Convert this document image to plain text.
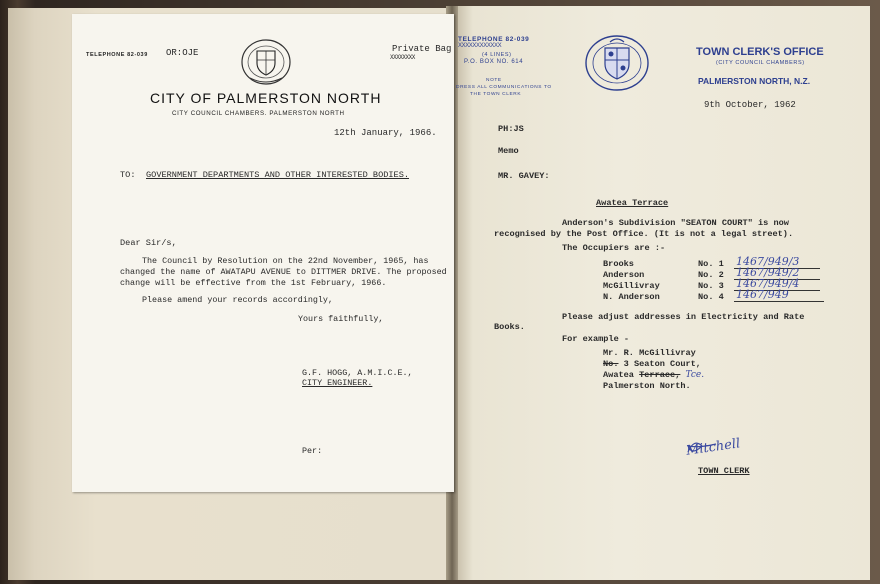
TELEPHONE 82-039 OR:OJE	Private Bag
XXXXXXXX
CITY OF PALMERSTON NORTH
CITY COUNCIL CHAMBERS. PALMERSTON NORTH
12th January, 1966.
TO: GOVERNMENT DEPARTMENTS AND OTHER INTERESTED BODIES.
Dear Sir/s,
The Council by Resolution on the 22nd November, 1965, has
changed the name of AWATAPU AVENUE to DITTMER DRIVE. The proposed
change will be effective from the 1st February, 1966.
Please amend your records accordingly,
Yours faithfully,
G.F. HOGG, A.M.I.C.E.,
CITY ENGINEER.
Per:
TELEPHONE 82-039
XXXXXXXXXXXX
(4 LINES)
P.O. BOX NO. 614
NOTE
DRESS ALL COMMUNICATIONS TO
THE TOWN CLERK
TOWN CLERK'S OFFICE
(CITY COUNCIL CHAMBERS)
PALMERSTON NORTH, N.Z.
9th October, 1962
PH:JS
Memo
MR. GAVEY:
Awatea Terrace
Anderson's Subdivision "SEATON COURT" is now
recognised by the Post Office. (It is not a legal street).
The Occupiers are :-
Brooks	No. 1 1467/949/3
Anderson	No. 2 1467/949/2
McGillivray	No. 3 1467/949/4
N. Anderson	No. 4 1467/949
Please adjust addresses in Electricity and Rate
Books.
For example -
Mr. R. McGillivray
No. 3 Seaton Court,
Awatea Terrace, Tce.
Palmerston North.
Mitchell
TOWN CLERK
